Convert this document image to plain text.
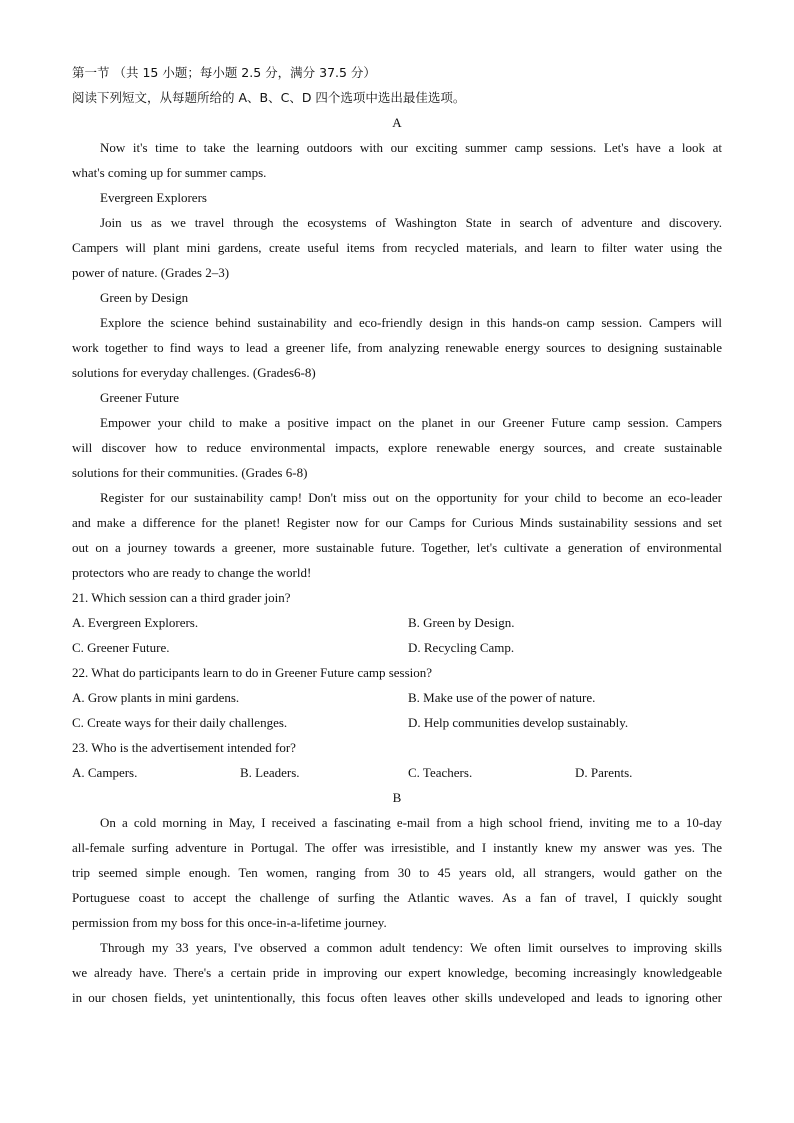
第一节 （共 15 小题；每小题 2.5 分，满分 37.5 分）
阅读下列短文，从每题所给的 A、B、C、D 四个选项中选出最佳选项。
A
Now it's time to take the learning outdoors with our exciting summer camp sessions. Let's have a look at
what's coming up for summer camps.
Evergreen Explorers
Join us as we travel through the ecosystems of Washington State in search of adventure and discovery.
Campers will plant mini gardens, create useful items from recycled materials, and learn to filter water using the
power of nature. (Grades 2–3)
Green by Design
Explore the science behind sustainability and eco-friendly design in this hands-on camp session. Campers will
work together to find ways to lead a greener life, from analyzing renewable energy sources to designing sustainable
solutions for everyday challenges. (Grades6-8)
Greener Future
Empower your child to make a positive impact on the planet in our Greener Future camp session. Campers
will discover how to reduce environmental impacts, explore renewable energy sources, and create sustainable
solutions for their communities. (Grades 6-8)
Register for our sustainability camp! Don't miss out on the opportunity for your child to become an eco-leader
and make a difference for the planet! Register now for our Camps for Curious Minds sustainability sessions and set
out on a journey towards a greener, more sustainable future. Together, let's cultivate a generation of environmental
protectors who are ready to change the world!
21. Which session can a third grader join?
A. Evergreen Explorers.	B. Green by Design.
C. Greener Future.	D. Recycling Camp.
22. What do participants learn to do in Greener Future camp session?
A. Grow plants in mini gardens.	B. Make use of the power of nature.
C. Create ways for their daily challenges.	D. Help communities develop sustainably.
23. Who is the advertisement intended for?
A. Campers.	B. Leaders.	C. Teachers.	D. Parents.
B
On a cold morning in May, I received a fascinating e-mail from a high school friend, inviting me to a 10-day
all-female surfing adventure in Portugal. The offer was irresistible, and I instantly knew my answer was yes. The
trip seemed simple enough. Ten women, ranging from 30 to 45 years old, all strangers, would gather on the
Portuguese coast to accept the challenge of surfing the Atlantic waves. As a fan of travel, I quickly sought
permission from my boss for this once-in-a-lifetime journey.
Through my 33 years, I've observed a common adult tendency: We often limit ourselves to improving skills
we already have. There's a certain pride in improving our expert knowledge, becoming increasingly knowledgeable
in our chosen fields, yet unintentionally, this focus often leaves other skills undeveloped and leads to ignoring other
